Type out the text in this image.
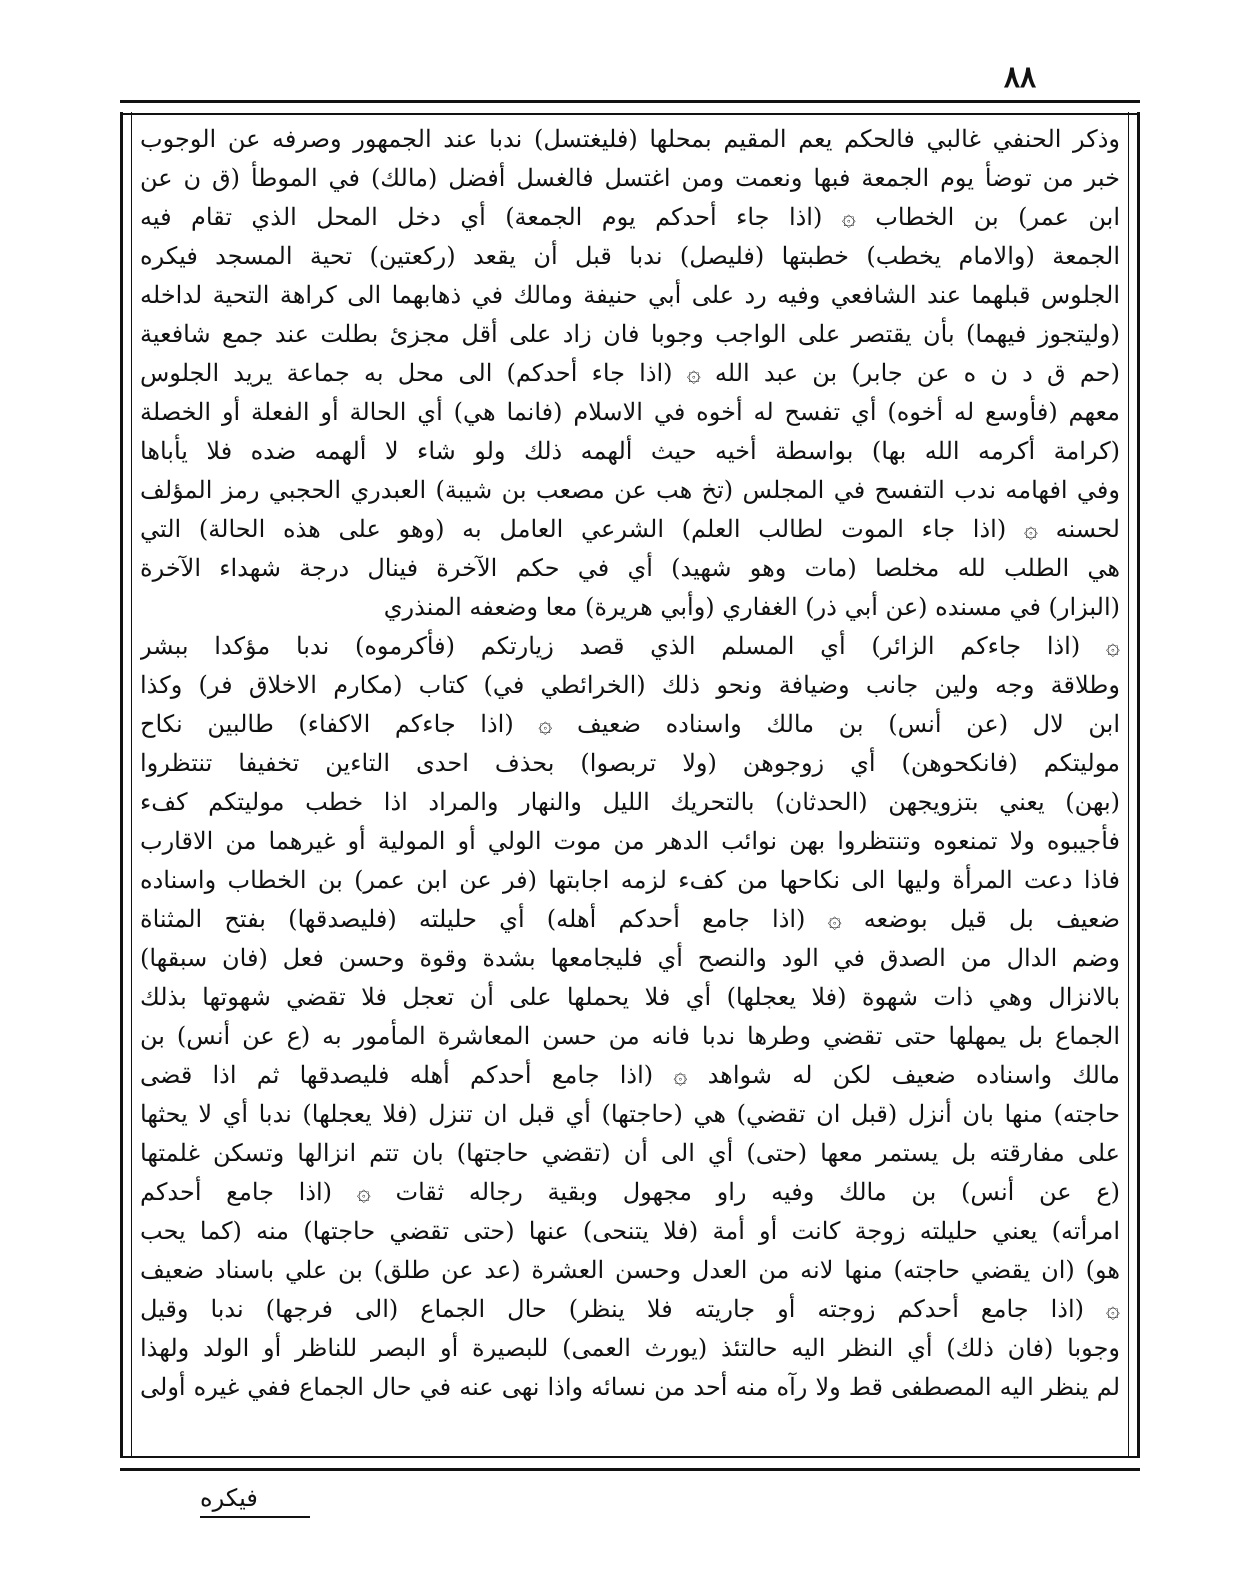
٨٨
وذكر الحنفي غالبي فالحكم يعم المقيم بمحلها (فليغتسل) ندبا عند الجمهور وصرفه عن الوجوب
خبر من توضأ يوم الجمعة فبها ونعمت ومن اغتسل فالغسل أفضل (مالك) في الموطأ (ق ن عن
ابن عمر) بن الخطاب ۞ (اذا جاء أحدكم يوم الجمعة) أي دخل المحل الذي تقام فيه
الجمعة (والامام يخطب) خطبتها (فليصل) ندبا قبل أن يقعد (ركعتين) تحية المسجد فيكره
الجلوس قبلهما عند الشافعي وفيه رد على أبي حنيفة ومالك في ذهابهما الى كراهة التحية لداخله
(وليتجوز فيهما) بأن يقتصر على الواجب وجوبا فان زاد على أقل مجزئ بطلت عند جمع شافعية
(حم ق د ن ه عن جابر) بن عبد الله ۞ (اذا جاء أحدكم) الى محل به جماعة يريد الجلوس
معهم (فأوسع له أخوه) أي تفسح له أخوه في الاسلام (فانما هي) أي الحالة أو الفعلة أو الخصلة
(كرامة أكرمه الله بها) بواسطة أخيه حيث ألهمه ذلك ولو شاء لا ألهمه ضده فلا يأباها
وفي افهامه ندب التفسح في المجلس (تخ هب عن مصعب بن شيبة) العبدري الحجبي رمز المؤلف
لحسنه ۞ (اذا جاء الموت لطالب العلم) الشرعي العامل به (وهو على هذه الحالة) التي
هي الطلب لله مخلصا (مات وهو شهيد) أي في حكم الآخرة فينال درجة شهداء الآخرة
(البزار) في مسنده (عن أبي ذر) الغفاري (وأبي هريرة) معا وضعفه المنذري
۞ (اذا جاءكم الزائر) أي المسلم الذي قصد زيارتكم (فأكرموه) ندبا مؤكدا ببشر
وطلاقة وجه ولين جانب وضيافة ونحو ذلك (الخرائطي في) كتاب (مكارم الاخلاق فر) وكذا
ابن لال (عن أنس) بن مالك واسناده ضعيف ۞ (اذا جاءكم الاكفاء) طالبين نكاح
موليتكم (فانكحوهن) أي زوجوهن (ولا تربصوا) بحذف احدى التاءين تخفيفا تنتظروا
(بهن) يعني بتزويجهن (الحدثان) بالتحريك الليل والنهار والمراد اذا خطب موليتكم كفء
فأجيبوه ولا تمنعوه وتنتظروا بهن نوائب الدهر من موت الولي أو المولية أو غيرهما من الاقارب
فاذا دعت المرأة وليها الى نكاحها من كفء لزمه اجابتها (فر عن ابن عمر) بن الخطاب واسناده
ضعيف بل قيل بوضعه ۞ (اذا جامع أحدكم أهله) أي حليلته (فليصدقها) بفتح المثناة
وضم الدال من الصدق في الود والنصح أي فليجامعها بشدة وقوة وحسن فعل (فان سبقها)
بالانزال وهي ذات شهوة (فلا يعجلها) أي فلا يحملها على أن تعجل فلا تقضي شهوتها بذلك
الجماع بل يمهلها حتى تقضي وطرها ندبا فانه من حسن المعاشرة المأمور به (ع عن أنس) بن
مالك واسناده ضعيف لكن له شواهد ۞ (اذا جامع أحدكم أهله فليصدقها ثم اذا قضى
حاجته) منها بان أنزل (قبل ان تقضي) هي (حاجتها) أي قبل ان تنزل (فلا يعجلها) ندبا أي لا يحثها
على مفارقته بل يستمر معها (حتى) أي الى أن (تقضي حاجتها) بان تتم انزالها وتسكن غلمتها
(ع عن أنس) بن مالك وفيه راو مجهول وبقية رجاله ثقات ۞ (اذا جامع أحدكم
امرأته) يعني حليلته زوجة كانت أو أمة (فلا يتنحى) عنها (حتى تقضي حاجتها) منه (كما يحب
هو) (ان يقضي حاجته) منها لانه من العدل وحسن العشرة (عد عن طلق) بن علي باسناد ضعيف
۞ (اذا جامع أحدكم زوجته أو جاريته فلا ينظر) حال الجماع (الى فرجها) ندبا وقيل
وجوبا (فان ذلك) أي النظر اليه حالتئذ (يورث العمى) للبصيرة أو البصر للناظر أو الولد ولهذا
لم ينظر اليه المصطفى قط ولا رآه منه أحد من نسائه واذا نهى عنه في حال الجماع ففي غيره أولى
فيكره
